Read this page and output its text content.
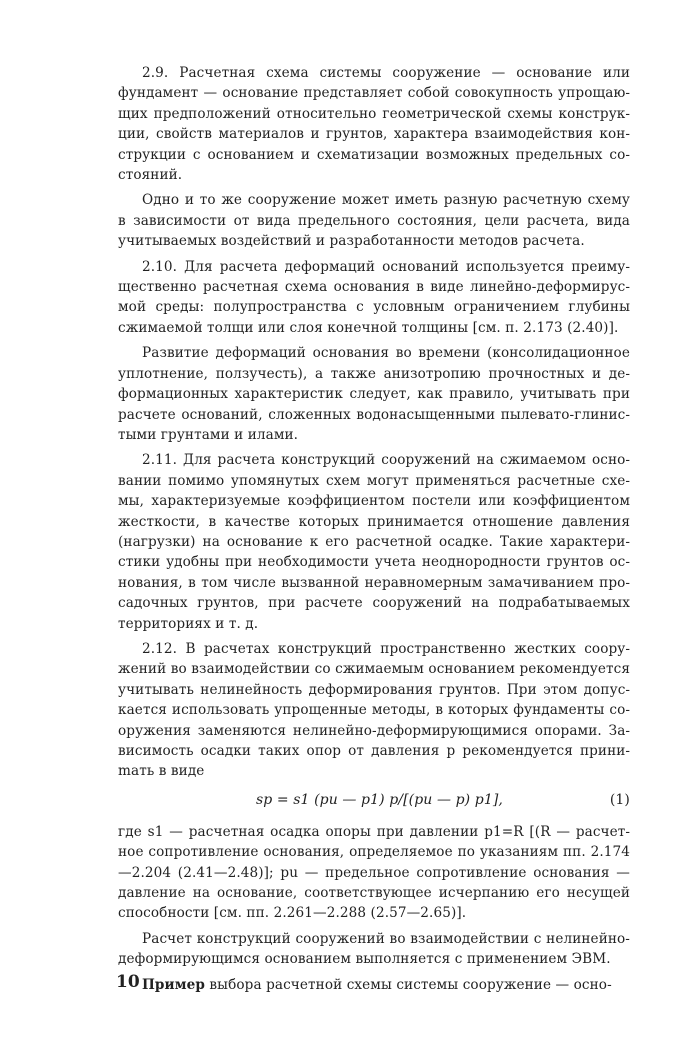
2.9. Расчетная схема системы сооружение — основание или фундамент — основание представляет собой совокупность упрощающих предположений относительно геометрической схемы конструкции, свойств материалов и грунтов, характера взаимодействия конструкции с основанием и схематизации возможных предельных состояний.

Одно и то же сооружение может иметь разную расчетную схему в зависимости от вида предельного состояния, цели расчета, вида учитываемых воздействий и разработанности методов расчета.

2.10. Для расчета деформаций оснований используется преимущественно расчетная схема основания в виде линейно-деформирусмой среды: полупространства с условным ограничением глубины сжимаемой толщи или слоя конечной толщины [см. п. 2.173 (2.40)].

Развитие деформаций основания во времени (консолидационное уплотнение, ползучесть), а также анизотропию прочностных и деформационных характеристик следует, как правило, учитывать при расчете оснований, сложенных водонасыщенными пылевато-глинистыми грунтами и илами.

2.11. Для расчета конструкций сооружений на сжимаемом основании помимо упомянутых схем могут применяться расчетные схемы, характеризуемые коэффициентом постели или коэффициентом жесткости, в качестве которых принимается отношение давления (нагрузки) на основание к его расчетной осадке. Такие характеристики удобны при необходимости учета неоднородности грунтов основания, в том числе вызванной неравномерным замачиванием просадочных грунтов, при расчете сооружений на подрабатываемых территориях и т. д.

2.12. В расчетах конструкций пространственно жестких сооружений во взаимодействии со сжимаемым основанием рекомендуется учитывать нелинейность деформирования грунтов. При этом допускается использовать упрощенные методы, в которых фундаменты сооружения заменяются нелинейно-деформирующимися опорами. Зависимость осадки таких опор от давления p рекомендуется приниmать в виде

sp = s1 (pu — p1) p/[(pu — p) p1],	(1)

где s1 — расчетная осадка опоры при давлении p1=R [(R — расчетное сопротивление основания, определяемое по указаниям пп. 2.174—2.204 (2.41—2.48)]; pu — предельное сопротивление основания — давление на основание, соответствующее исчерпанию его несущей способности [см. пп. 2.261—2.288 (2.57—2.65)].

Расчет конструкций сооружений во взаимодействии с нелинейно-деформирующимся основанием выполняется с применением ЭВМ.

Пример выбора расчетной схемы системы сооружение — осно-

10
